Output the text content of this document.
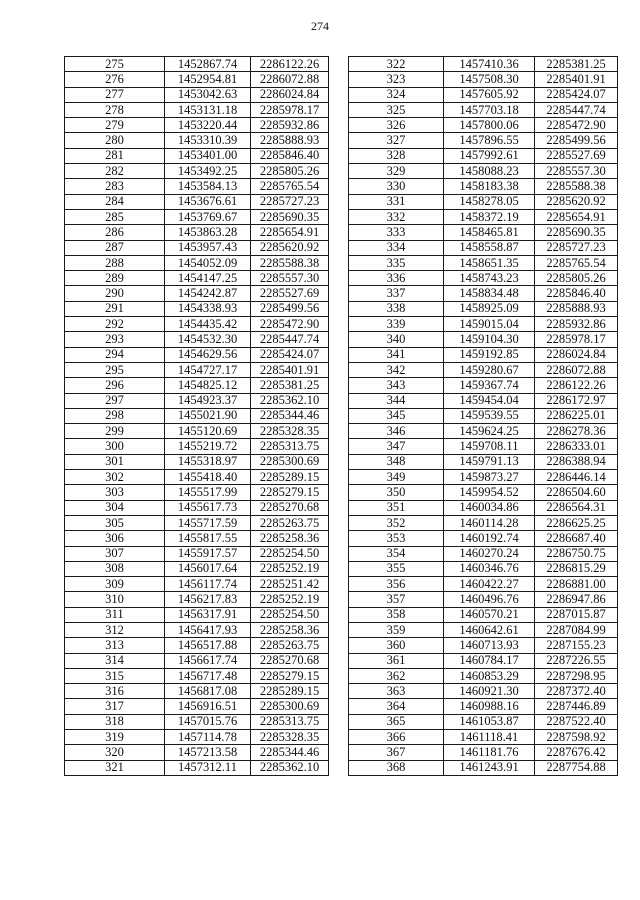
274
275	1452867.74	2286122.26
276	1452954.81	2286072.88
277	1453042.63	2286024.84
278	1453131.18	2285978.17
279	1453220.44	2285932.86
280	1453310.39	2285888.93
281	1453401.00	2285846.40
282	1453492.25	2285805.26
283	1453584.13	2285765.54
284	1453676.61	2285727.23
285	1453769.67	2285690.35
286	1453863.28	2285654.91
287	1453957.43	2285620.92
288	1454052.09	2285588.38
289	1454147.25	2285557.30
290	1454242.87	2285527.69
291	1454338.93	2285499.56
292	1454435.42	2285472.90
293	1454532.30	2285447.74
294	1454629.56	2285424.07
295	1454727.17	2285401.91
296	1454825.12	2285381.25
297	1454923.37	2285362.10
298	1455021.90	2285344.46
299	1455120.69	2285328.35
300	1455219.72	2285313.75
301	1455318.97	2285300.69
302	1455418.40	2285289.15
303	1455517.99	2285279.15
304	1455617.73	2285270.68
305	1455717.59	2285263.75
306	1455817.55	2285258.36
307	1455917.57	2285254.50
308	1456017.64	2285252.19
309	1456117.74	2285251.42
310	1456217.83	2285252.19
311	1456317.91	2285254.50
312	1456417.93	2285258.36
313	1456517.88	2285263.75
314	1456617.74	2285270.68
315	1456717.48	2285279.15
316	1456817.08	2285289.15
317	1456916.51	2285300.69
318	1457015.76	2285313.75
319	1457114.78	2285328.35
320	1457213.58	2285344.46
321	1457312.11	2285362.10
322	1457410.36	2285381.25
323	1457508.30	2285401.91
324	1457605.92	2285424.07
325	1457703.18	2285447.74
326	1457800.06	2285472.90
327	1457896.55	2285499.56
328	1457992.61	2285527.69
329	1458088.23	2285557.30
330	1458183.38	2285588.38
331	1458278.05	2285620.92
332	1458372.19	2285654.91
333	1458465.81	2285690.35
334	1458558.87	2285727.23
335	1458651.35	2285765.54
336	1458743.23	2285805.26
337	1458834.48	2285846.40
338	1458925.09	2285888.93
339	1459015.04	2285932.86
340	1459104.30	2285978.17
341	1459192.85	2286024.84
342	1459280.67	2286072.88
343	1459367.74	2286122.26
344	1459454.04	2286172.97
345	1459539.55	2286225.01
346	1459624.25	2286278.36
347	1459708.11	2286333.01
348	1459791.13	2286388.94
349	1459873.27	2286446.14
350	1459954.52	2286504.60
351	1460034.86	2286564.31
352	1460114.28	2286625.25
353	1460192.74	2286687.40
354	1460270.24	2286750.75
355	1460346.76	2286815.29
356	1460422.27	2286881.00
357	1460496.76	2286947.86
358	1460570.21	2287015.87
359	1460642.61	2287084.99
360	1460713.93	2287155.23
361	1460784.17	2287226.55
362	1460853.29	2287298.95
363	1460921.30	2287372.40
364	1460988.16	2287446.89
365	1461053.87	2287522.40
366	1461118.41	2287598.92
367	1461181.76	2287676.42
368	1461243.91	2287754.88
